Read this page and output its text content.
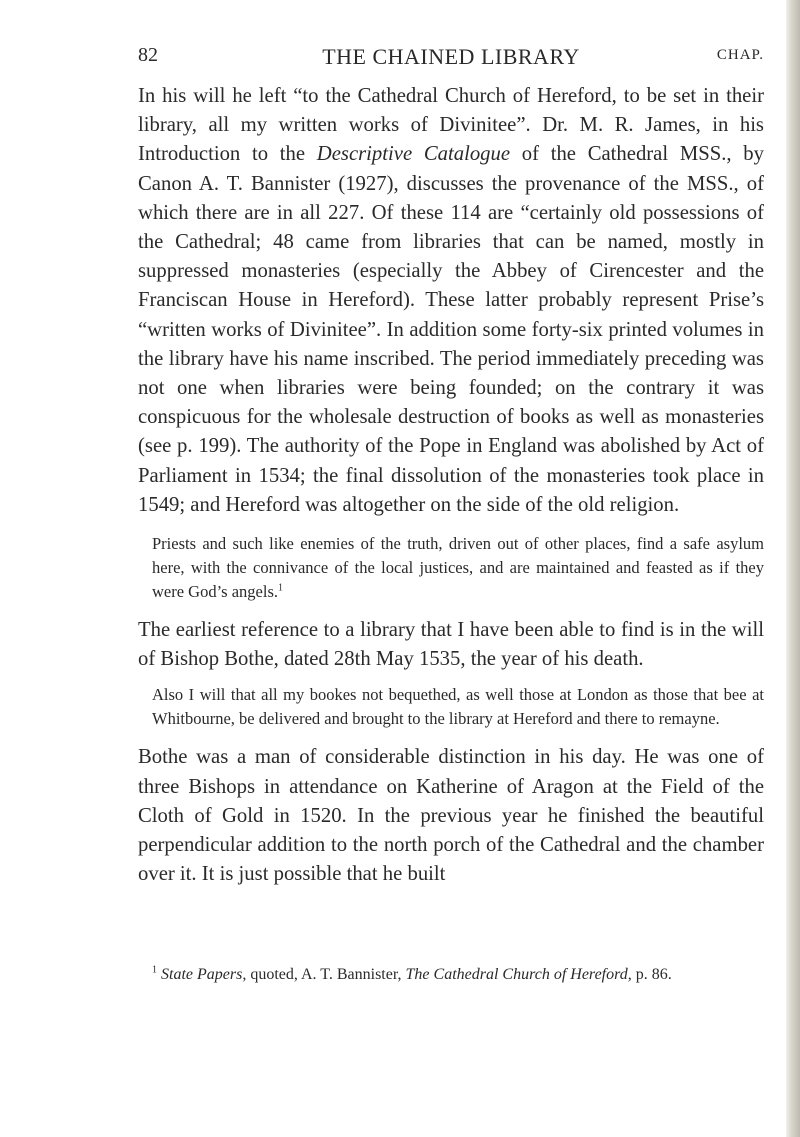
82	THE CHAINED LIBRARY	CHAP.

In his will he left “to the Cathedral Church of Hereford, to be set in their library, all my written works of Divinitee”. Dr. M. R. James, in his Introduction to the Descriptive Catalogue of the Cathedral MSS., by Canon A. T. Bannister (1927), discusses the provenance of the MSS., of which there are in all 227. Of these 114 are “certainly old possessions of the Cathedral; 48 came from libraries that can be named, mostly in suppressed monasteries (especially the Abbey of Cirencester and the Franciscan House in Hereford). These latter probably represent Prise’s “written works of Divinitee”. In addition some forty-six printed volumes in the library have his name inscribed. The period immediately preceding was not one when libraries were being founded; on the contrary it was conspicuous for the wholesale destruction of books as well as monasteries (see p. 199). The authority of the Pope in England was abolished by Act of Parliament in 1534; the final dissolution of the monasteries took place in 1549; and Hereford was altogether on the side of the old religion.

Priests and such like enemies of the truth, driven out of other places, find a safe asylum here, with the connivance of the local justices, and are maintained and feasted as if they were God’s angels.$^1$

The earliest reference to a library that I have been able to find is in the will of Bishop Bothe, dated 28th May 1535, the year of his death.

Also I will that all my bookes not bequethed, as well those at London as those that bee at Whitbourne, be delivered and brought to the library at Hereford and there to remayne.

Bothe was a man of considerable distinction in his day. He was one of three Bishops in attendance on Katherine of Aragon at the Field of the Cloth of Gold in 1520. In the previous year he finished the beautiful perpendicular addition to the north porch of the Cathedral and the chamber over it. It is just possible that he built

$^1$ State Papers, quoted, A. T. Bannister, The Cathedral Church of Hereford, p. 86.
